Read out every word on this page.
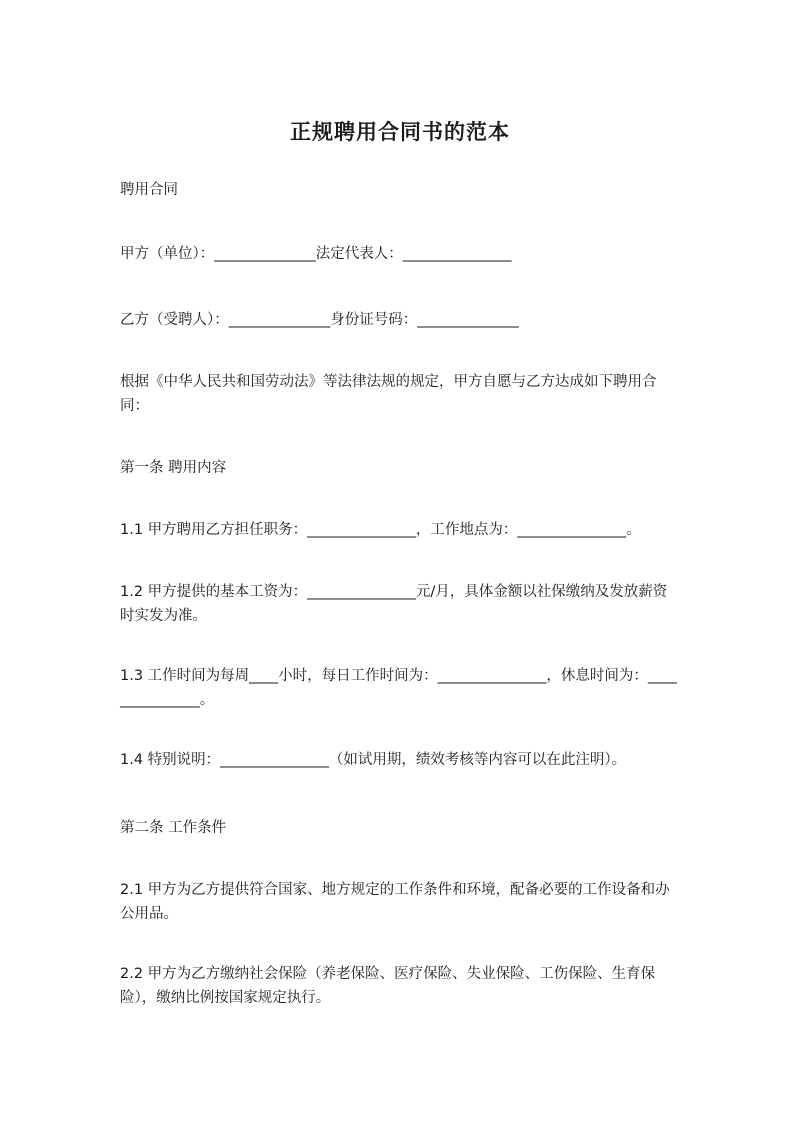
正规聘用合同书的范本

聘用合同

甲方（单位）：______________法定代表人：_______________

乙方（受聘人）：______________身份证号码：______________

根据《中华人民共和国劳动法》等法律法规的规定，甲方自愿与乙方达成如下聘用合同：

第一条 聘用内容

1.1 甲方聘用乙方担任职务：_______________，工作地点为：_______________。

1.2 甲方提供的基本工资为：_______________元/月，具体金额以社保缴纳及发放薪资时实发为准。

1.3 工作时间为每周____小时，每日工作时间为：_______________，休息时间为：_______________。

1.4 特别说明：_______________（如试用期，绩效考核等内容可以在此注明）。

第二条 工作条件

2.1 甲方为乙方提供符合国家、地方规定的工作条件和环境，配备必要的工作设备和办公用品。

2.2 甲方为乙方缴纳社会保险（养老保险、医疗保险、失业保险、工伤保险、生育保险），缴纳比例按国家规定执行。
